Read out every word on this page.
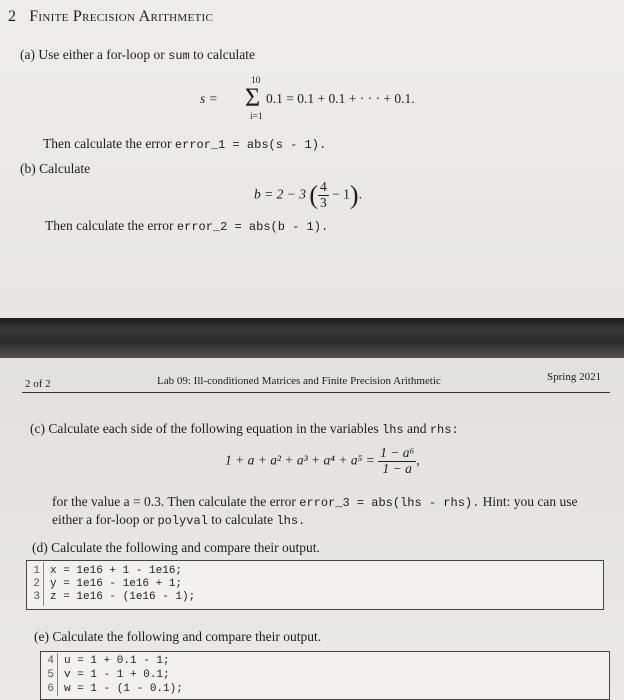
2 Finite Precision Arithmetic
(a) Use either a for-loop or sum to calculate
10
s = Σ
i=1
0.1 = 0.1 + 0.1 + · · · + 0.1.
Then calculate the error error_1 = abs(s - 1).
(b) Calculate
b = 2 − 3 ( $\frac{4}{3} - 1$).
Then calculate the error error_2 = abs(b - 1).
2 of 2	Lab 09: Ill-conditioned Matrices and Finite Precision Arithmetic	Spring 2021
(c) Calculate each side of the following equation in the variables lhs and rhs:
$1 + a + a^2 + a^3 + a^4 + a^5 = \frac{\text{1 − a⁶}}{1 - a}$ ,
for the value a = 0.3. Then calculate the error error_3 = abs(lhs - rhs). Hint: you can use
either a for-loop or polyval to calculate lhs.
(d) Calculate the following and compare their output.
1 x = 1e16 + 1 - 1e16;
2 y = 1e16 - 1e16 + 1;
3 z = 1e16 - (1e16 - 1);
(e) Calculate the following and compare their output.
4 u = 1 + 0.1 - 1;
5 v = 1 - 1 + 0.1;
6 w = 1 - (1 - 0.1);
